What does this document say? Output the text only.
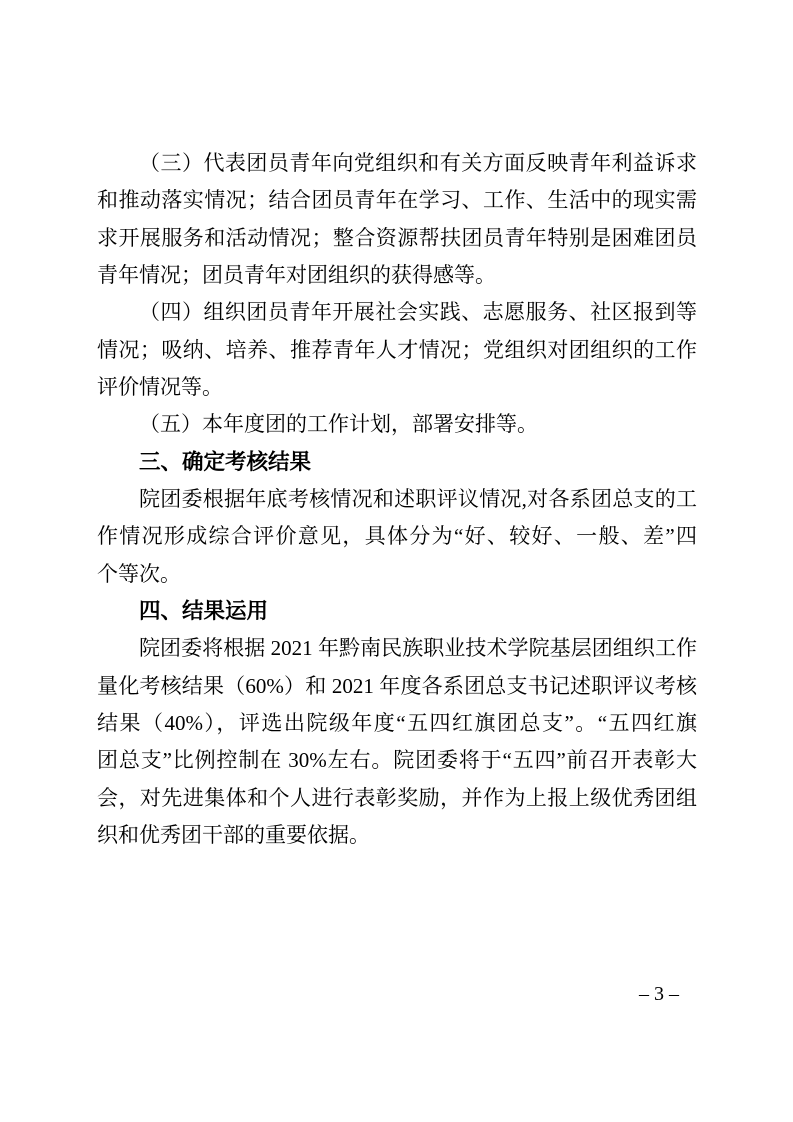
（三）代表团员青年向党组织和有关方面反映青年利益诉求
和推动落实情况；结合团员青年在学习、工作、生活中的现实需
求开展服务和活动情况；整合资源帮扶团员青年特别是困难团员
青年情况；团员青年对团组织的获得感等。
（四）组织团员青年开展社会实践、志愿服务、社区报到等
情况；吸纳、培养、推荐青年人才情况；党组织对团组织的工作
评价情况等。
（五）本年度团的工作计划，部署安排等。
三、确定考核结果
院团委根据年底考核情况和述职评议情况,对各系团总支的工
作情况形成综合评价意见，具体分为“好、较好、一般、差”四
个等次。
四、结果运用
院团委将根据 2021 年黔南民族职业技术学院基层团组织工作
量化考核结果（60%）和 2021 年度各系团总支书记述职评议考核
结果（40%），评选出院级年度“五四红旗团总支”。“五四红旗
团总支”比例控制在 30%左右。院团委将于“五四”前召开表彰大
会，对先进集体和个人进行表彰奖励，并作为上报上级优秀团组
织和优秀团干部的重要依据。
– 3 –
